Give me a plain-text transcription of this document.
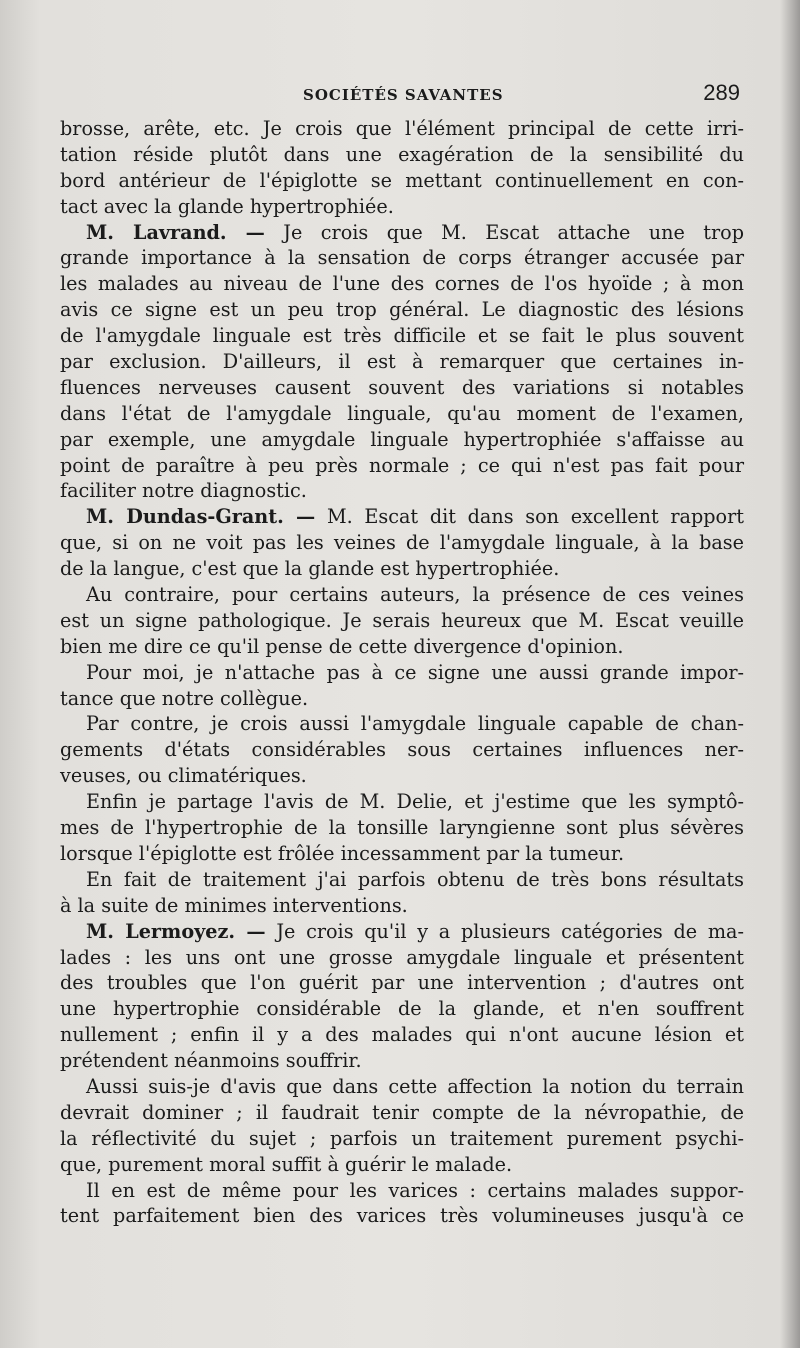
SOCIÉTÉS SAVANTES	289
brosse, arête, etc. Je crois que l'élément principal de cette irri-
tation réside plutôt dans une exagération de la sensibilité du
bord antérieur de l'épiglotte se mettant continuellement en con-
tact avec la glande hypertrophiée.
M. Lavrand. — Je crois que M. Escat attache une trop
grande importance à la sensation de corps étranger accusée par
les malades au niveau de l'une des cornes de l'os hyoïde ; à mon
avis ce signe est un peu trop général. Le diagnostic des lésions
de l'amygdale linguale est très difficile et se fait le plus souvent
par exclusion. D'ailleurs, il est à remarquer que certaines in-
fluences nerveuses causent souvent des variations si notables
dans l'état de l'amygdale linguale, qu'au moment de l'examen,
par exemple, une amygdale linguale hypertrophiée s'affaisse au
point de paraître à peu près normale ; ce qui n'est pas fait pour
faciliter notre diagnostic.
M. Dundas-Grant. — M. Escat dit dans son excellent rapport
que, si on ne voit pas les veines de l'amygdale linguale, à la base
de la langue, c'est que la glande est hypertrophiée.
Au contraire, pour certains auteurs, la présence de ces veines
est un signe pathologique. Je serais heureux que M. Escat veuille
bien me dire ce qu'il pense de cette divergence d'opinion.
Pour moi, je n'attache pas à ce signe une aussi grande impor-
tance que notre collègue.
Par contre, je crois aussi l'amygdale linguale capable de chan-
gements d'états considérables sous certaines influences ner-
veuses, ou climatériques.
Enfin je partage l'avis de M. Delie, et j'estime que les symptô-
mes de l'hypertrophie de la tonsille laryngienne sont plus sévères
lorsque l'épiglotte est frôlée incessamment par la tumeur.
En fait de traitement j'ai parfois obtenu de très bons résultats
à la suite de minimes interventions.
M. Lermoyez. — Je crois qu'il y a plusieurs catégories de ma-
lades : les uns ont une grosse amygdale linguale et présentent
des troubles que l'on guérit par une intervention ; d'autres ont
une hypertrophie considérable de la glande, et n'en souffrent
nullement ; enfin il y a des malades qui n'ont aucune lésion et
prétendent néanmoins souffrir.
Aussi suis-je d'avis que dans cette affection la notion du terrain
devrait dominer ; il faudrait tenir compte de la névropathie, de
la réflectivité du sujet ; parfois un traitement purement psychi-
que, purement moral suffit à guérir le malade.
Il en est de même pour les varices : certains malades suppor-
tent parfaitement bien des varices très volumineuses jusqu'à ce
